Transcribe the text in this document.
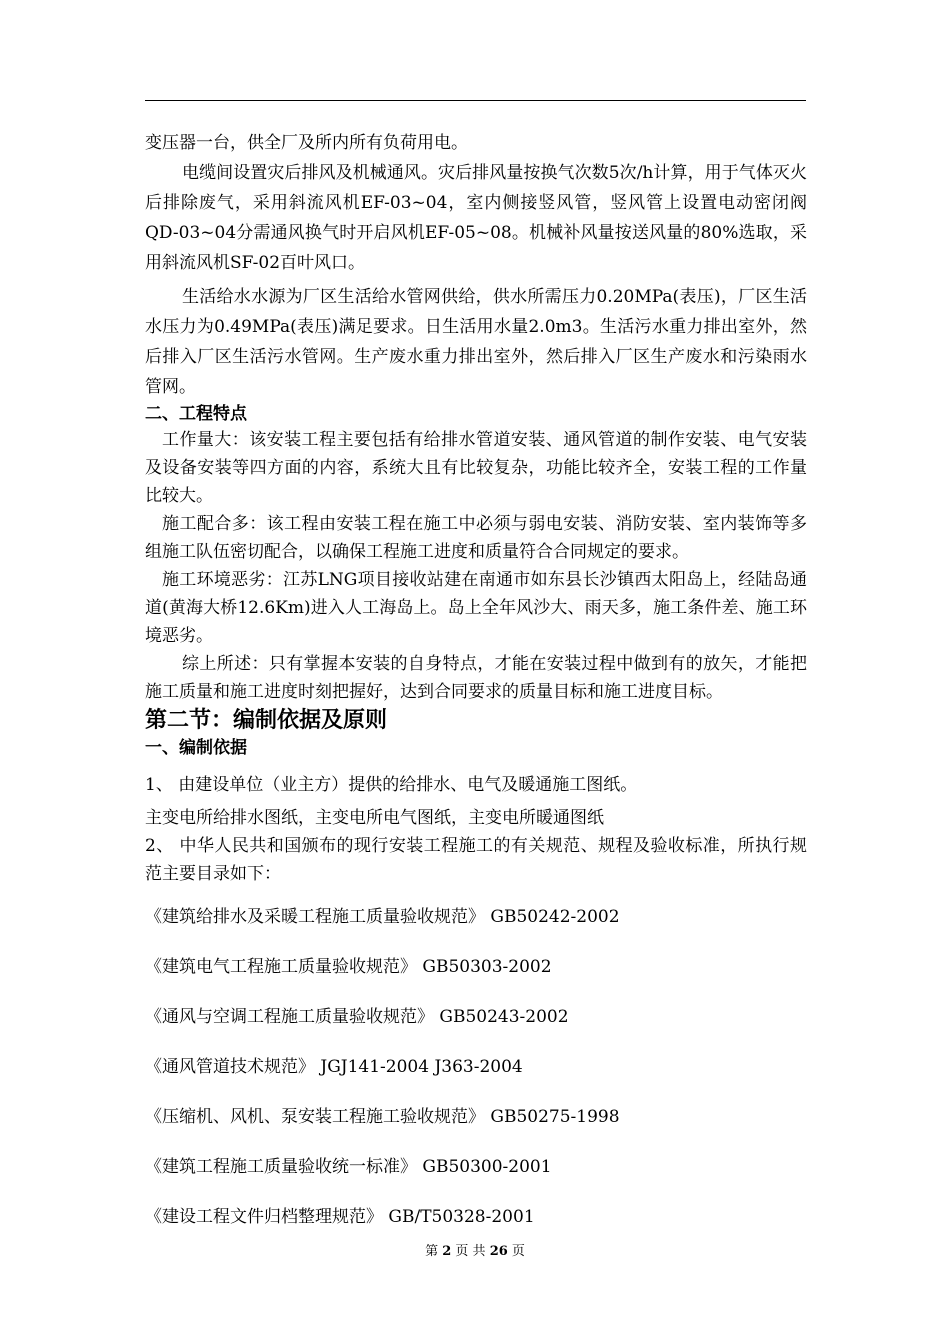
变压器一台，供全厂及所内所有负荷用电。

电缆间设置灾后排风及机械通风。灾后排风量按换气次数5次/h计算，用于气体灭火后排除废气，采用斜流风机EF-03~04，室内侧接竖风管，竖风管上设置电动密闭阀QD-03~04分需通风换气时开启风机EF-05~08。机械补风量按送风量的80%选取，采用斜流风机SF-02百叶风口。

生活给水水源为厂区生活给水管网供给，供水所需压力0.20MPa(表压)，厂区生活水压力为0.49MPa(表压)满足要求。日生活用水量2.0m3。生活污水重力排出室外，然后排入厂区生活污水管网。生产废水重力排出室外，然后排入厂区生产废水和污染雨水管网。

二、工程特点

工作量大：该安装工程主要包括有给排水管道安装、通风管道的制作安装、电气安装及设备安装等四方面的内容，系统大且有比较复杂，功能比较齐全，安装工程的工作量比较大。

施工配合多：该工程由安装工程在施工中必须与弱电安装、消防安装、室内装饰等多组施工队伍密切配合，以确保工程施工进度和质量符合合同规定的要求。

施工环境恶劣：江苏LNG项目接收站建在南通市如东县长沙镇西太阳岛上，经陆岛通道(黄海大桥12.6Km)进入人工海岛上。岛上全年风沙大、雨天多，施工条件差、施工环境恶劣。

综上所述：只有掌握本安装的自身特点，才能在安装过程中做到有的放矢，才能把施工质量和施工进度时刻把握好，达到合同要求的质量目标和施工进度目标。

第二节：编制依据及原则
一、编制依据

1、 由建设单位（业主方）提供的给排水、电气及暖通施工图纸。

主变电所给排水图纸，主变电所电气图纸，主变电所暖通图纸

2、 中华人民共和国颁布的现行安装工程施工的有关规范、规程及验收标准，所执行规范主要目录如下：

《建筑给排水及采暖工程施工质量验收规范》 GB50242-2002
《建筑电气工程施工质量验收规范》 GB50303-2002
《通风与空调工程施工质量验收规范》 GB50243-2002
《通风管道技术规范》 JGJ141-2004 J363-2004
《压缩机、风机、泵安装工程施工验收规范》 GB50275-1998
《建筑工程施工质量验收统一标准》 GB50300-2001
《建设工程文件归档整理规范》 GB/T50328-2001
第 2 页 共 26 页
